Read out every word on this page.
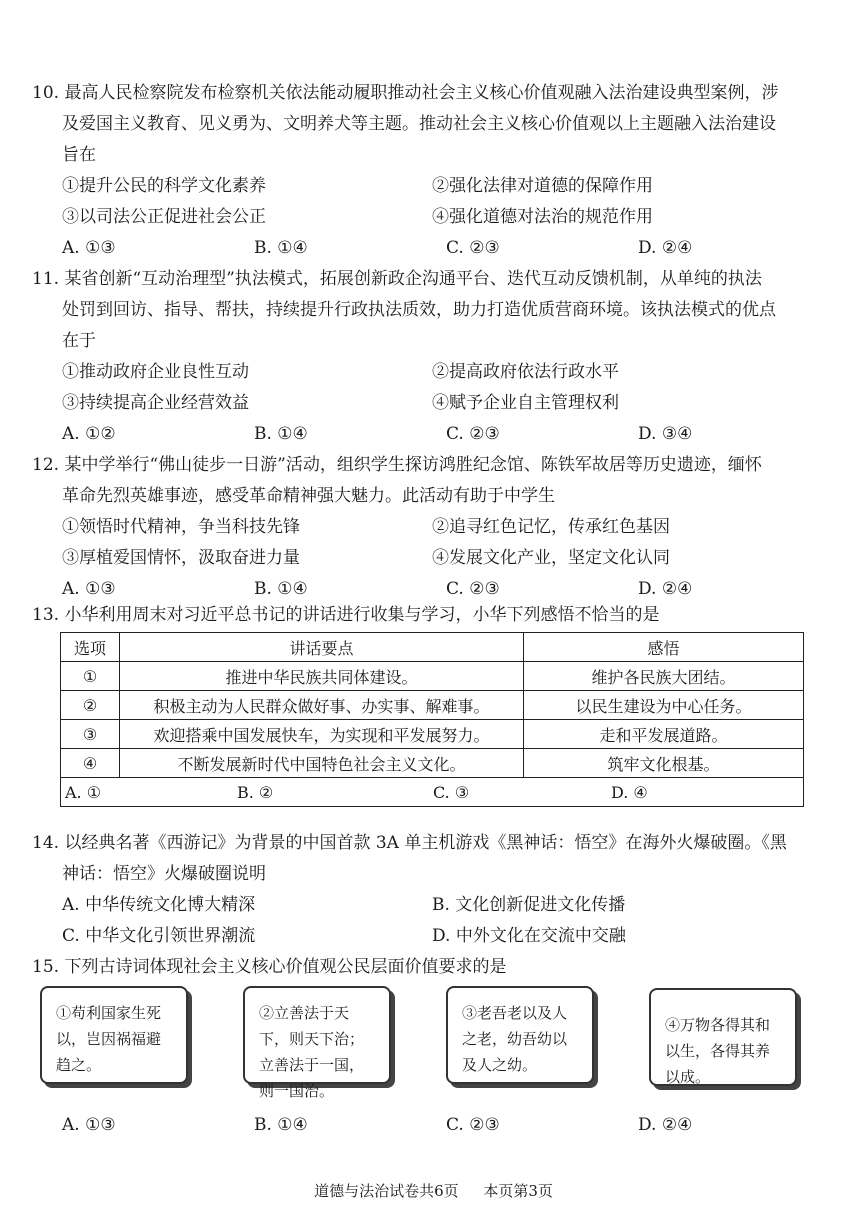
10. 最高人民检察院发布检察机关依法能动履职推动社会主义核心价值观融入法治建设典型案例，涉
及爱国主义教育、见义勇为、文明养犬等主题。推动社会主义核心价值观以上主题融入法治建设
旨在
①提升公民的科学文化素养	②强化法律对道德的保障作用
③以司法公正促进社会公正	④强化道德对法治的规范作用
A. ①③	B. ①④	C. ②③	D. ②④
11. 某省创新“互动治理型”执法模式，拓展创新政企沟通平台、迭代互动反馈机制，从单纯的执法
处罚到回访、指导、帮扶，持续提升行政执法质效，助力打造优质营商环境。该执法模式的优点
在于
①推动政府企业良性互动	②提高政府依法行政水平
③持续提高企业经营效益	④赋予企业自主管理权利
A. ①②	B. ①④	C. ②③	D. ③④
12. 某中学举行“佛山徒步一日游”活动，组织学生探访鸿胜纪念馆、陈铁军故居等历史遗迹，缅怀
革命先烈英雄事迹，感受革命精神强大魅力。此活动有助于中学生
①领悟时代精神，争当科技先锋	②追寻红色记忆，传承红色基因
③厚植爱国情怀，汲取奋进力量	④发展文化产业，坚定文化认同
A. ①③	B. ①④	C. ②③	D. ②④
13. 小华利用周末对习近平总书记的讲话进行收集与学习，小华下列感悟不恰当的是
选项	讲话要点	感悟
①	推进中华民族共同体建设。	维护各民族大团结。
②	积极主动为人民群众做好事、办实事、解难事。	以民生建设为中心任务。
③	欢迎搭乘中国发展快车，为实现和平发展努力。	走和平发展道路。
④	不断发展新时代中国特色社会主义文化。	筑牢文化根基。

A. ① B. ② C. ③ D. ④		
14. 以经典名著《西游记》为背景的中国首款 3A 单主机游戏《黑神话：悟空》在海外火爆破圈。《黑
神话：悟空》火爆破圈说明
A. 中华传统文化博大精深	B. 文化创新促进文化传播
C. 中华文化引领世界潮流	D. 中外文化在交流中交融
15. 下列古诗词体现社会主义核心价值观公民层面价值要求的是
①苟利国家生死以，岂因祸福避趋之。
②立善法于天下，则天下治；立善法于一国，则一国治。
③老吾老以及人之老，幼吾幼以及人之幼。
④万物各得其和以生，各得其养以成。
A. ①③	B. ①④	C. ②③	D. ②④
道德与法治试卷共6页 本页第3页
